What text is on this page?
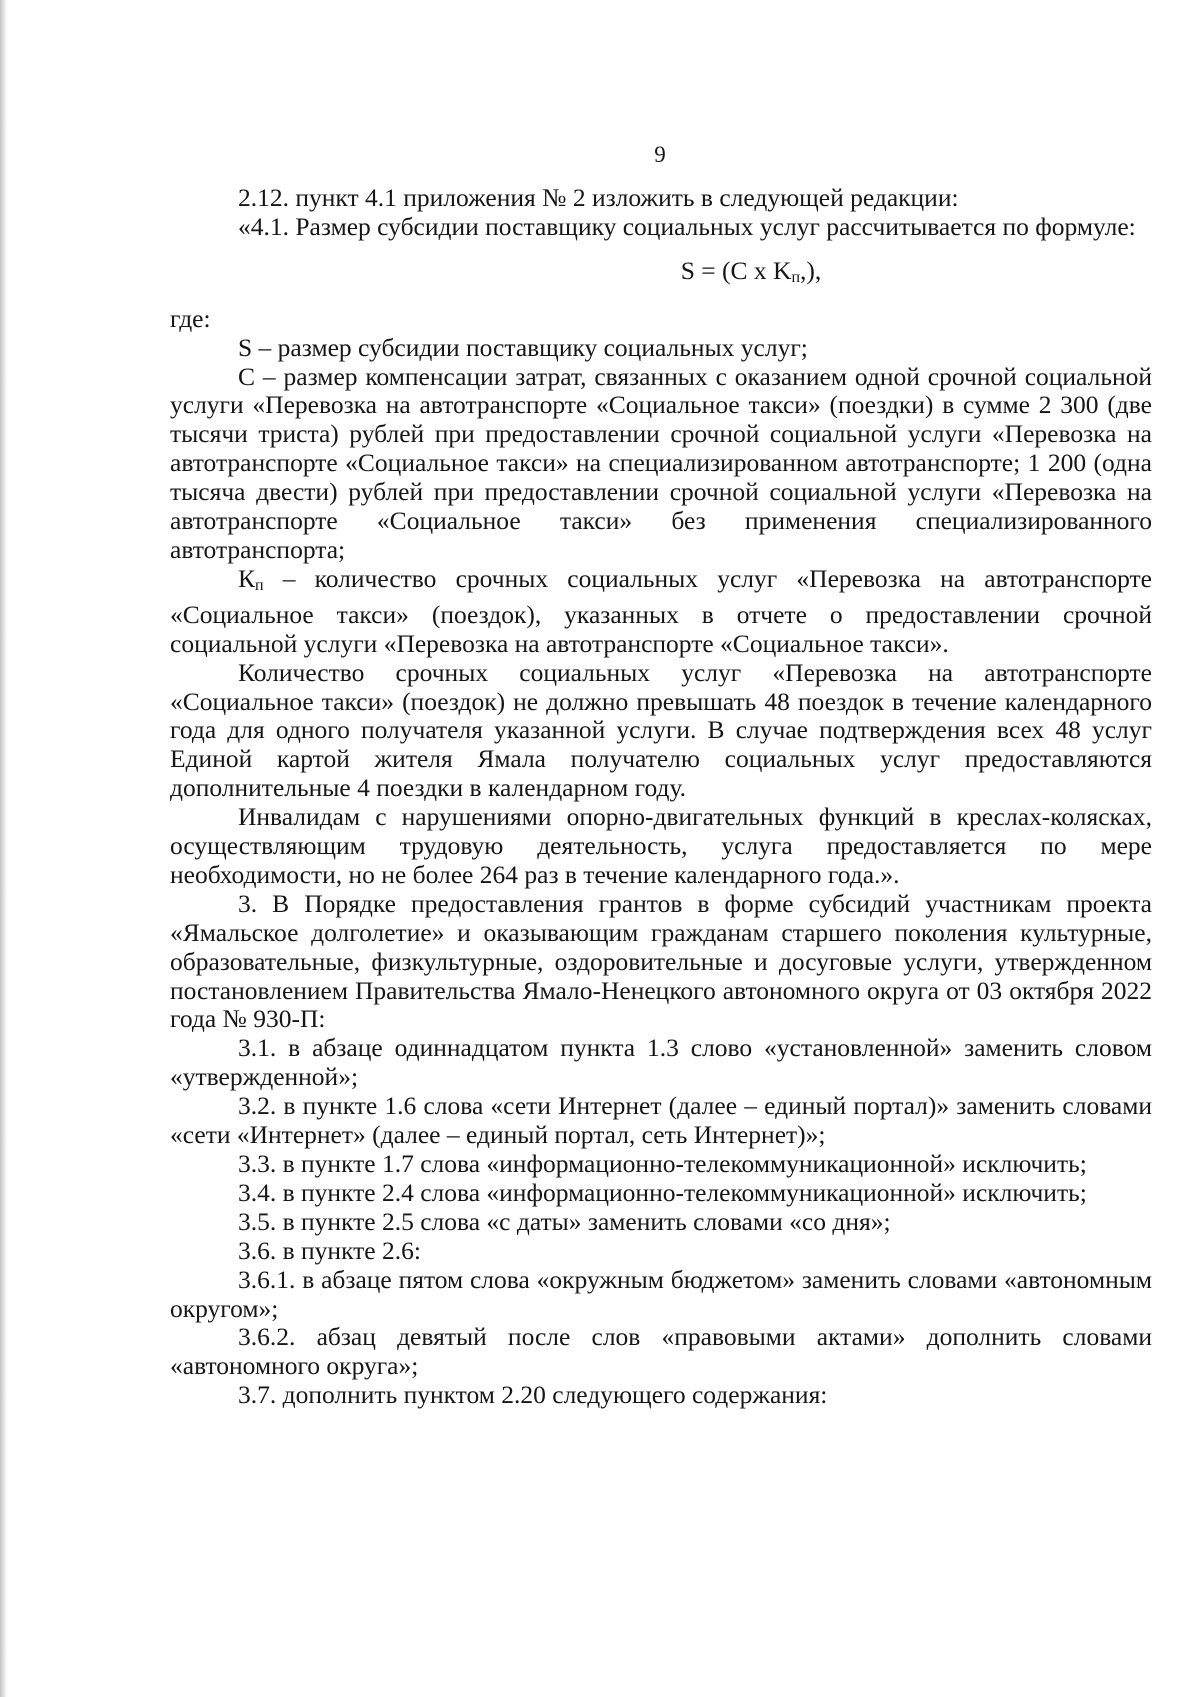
9

2.12. пункт 4.1 приложения № 2 изложить в следующей редакции:

«4.1. Размер субсидии поставщику социальных услуг рассчитывается по формуле:

S = (C x Kп,),

где:

S – размер субсидии поставщику социальных услуг;

С – размер компенсации затрат, связанных с оказанием одной срочной социальной услуги «Перевозка на автотранспорте «Социальное такси» (поездки) в сумме 2 300 (две тысячи триста) рублей при предоставлении срочной социальной услуги «Перевозка на автотранспорте «Социальное такси» на специализированном автотранспорте; 1 200 (одна тысяча двести) рублей при предоставлении срочной социальной услуги «Перевозка на автотранспорте «Социальное такси» без применения специализированного автотранспорта;

Кп – количество срочных социальных услуг «Перевозка на автотранспорте «Социальное такси» (поездок), указанных в отчете о предоставлении срочной социальной услуги «Перевозка на автотранспорте «Социальное такси».

Количество срочных социальных услуг «Перевозка на автотранспорте «Социальное такси» (поездок) не должно превышать 48 поездок в течение календарного года для одного получателя указанной услуги. В случае подтверждения всех 48 услуг Единой картой жителя Ямала получателю социальных услуг предоставляются дополнительные 4 поездки в календарном году.

Инвалидам с нарушениями опорно-двигательных функций в креслах-колясках, осуществляющим трудовую деятельность, услуга предоставляется по мере необходимости, но не более 264 раз в течение календарного года.».

3. В Порядке предоставления грантов в форме субсидий участникам проекта «Ямальское долголетие» и оказывающим гражданам старшего поколения культурные, образовательные, физкультурные, оздоровительные и досуговые услуги, утвержденном постановлением Правительства Ямало-Ненецкого автономного округа от 03 октября 2022 года № 930-П:

3.1. в абзаце одиннадцатом пункта 1.3 слово «установленной» заменить словом «утвержденной»;

3.2. в пункте 1.6 слова «сети Интернет (далее – единый портал)» заменить словами «сети «Интернет» (далее – единый портал, сеть Интернет)»;

3.3. в пункте 1.7 слова «информационно-телекоммуникационной» исключить;

3.4. в пункте 2.4 слова «информационно-телекоммуникационной» исключить;

3.5. в пункте 2.5 слова «с даты» заменить словами «со дня»;

3.6. в пункте 2.6:

3.6.1. в абзаце пятом слова «окружным бюджетом» заменить словами «автономным округом»;

3.6.2. абзац девятый после слов «правовыми актами» дополнить словами «автономного округа»;

3.7. дополнить пунктом 2.20 следующего содержания:
